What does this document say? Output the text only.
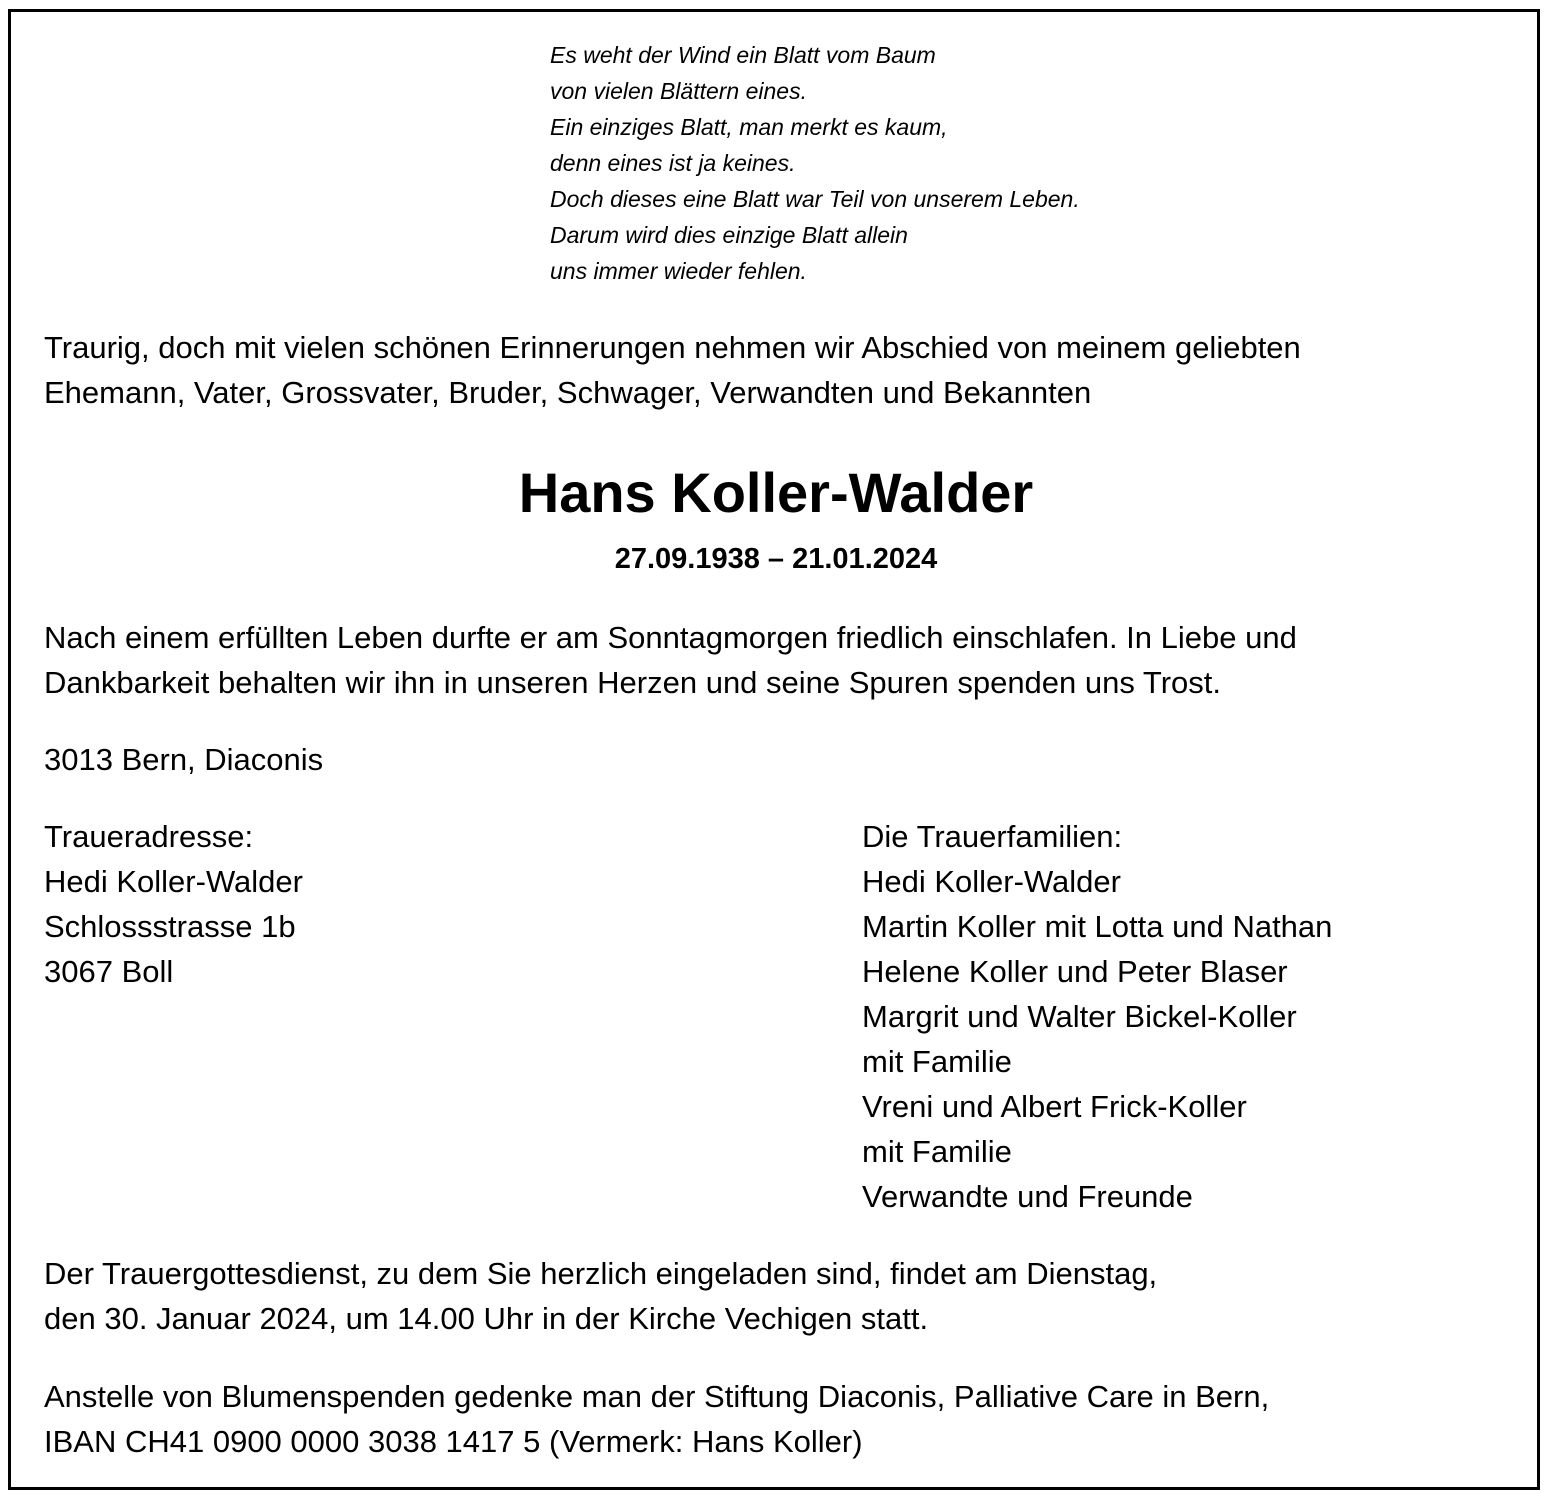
Es weht der Wind ein Blatt vom Baum

von vielen Blättern eines.

Ein einziges Blatt, man merkt es kaum,

denn eines ist ja keines.

Doch dieses eine Blatt war Teil von unserem Leben.

Darum wird dies einzige Blatt allein

uns immer wieder fehlen.

Traurig, doch mit vielen schönen Erinnerungen nehmen wir Abschied von meinem geliebten

Ehemann, Vater, Grossvater, Bruder, Schwager, Verwandten und Bekannten

Hans Koller-Walder

27.09.1938 – 21.01.2024

Nach einem erfüllten Leben durfte er am Sonntagmorgen friedlich einschlafen. In Liebe und

Dankbarkeit behalten wir ihn in unseren Herzen und seine Spuren spenden uns Trost.

3013 Bern, Diaconis

Traueradresse:

Hedi Koller-Walder

Schlossstrasse 1b

3067 Boll

Die Trauerfamilien:

Hedi Koller-Walder

Martin Koller mit Lotta und Nathan

Helene Koller und Peter Blaser

Margrit und Walter Bickel-Koller

mit Familie

Vreni und Albert Frick-Koller

mit Familie

Verwandte und Freunde

Der Trauergottesdienst, zu dem Sie herzlich eingeladen sind, findet am Dienstag,

den 30. Januar 2024, um 14.00 Uhr in der Kirche Vechigen statt.

Anstelle von Blumenspenden gedenke man der Stiftung Diaconis, Palliative Care in Bern,

IBAN CH41 0900 0000 3038 1417 5 (Vermerk: Hans Koller)
